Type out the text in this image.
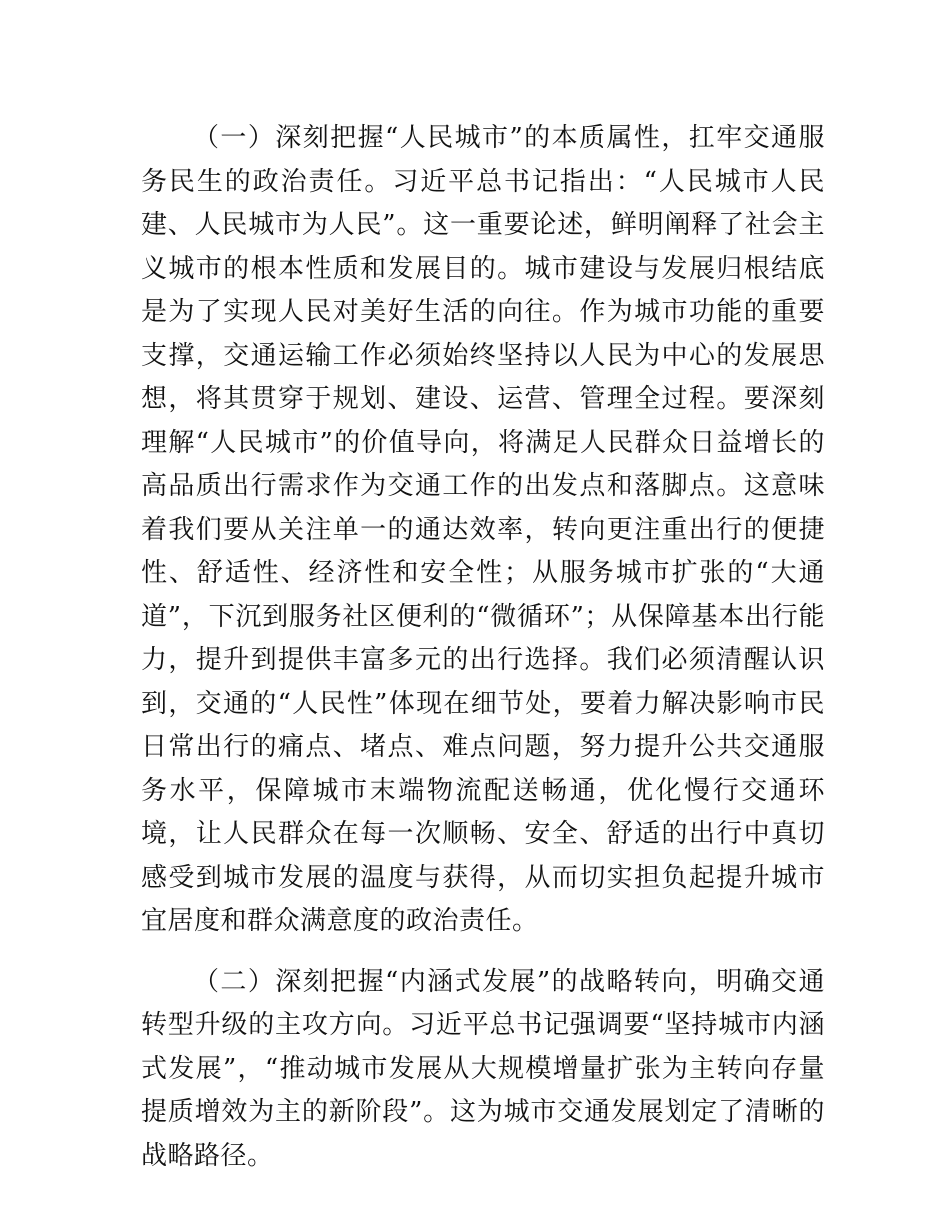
（一）深刻把握“人民城市”的本质属性，扛牢交通服务民生的政治责任。习近平总书记指出：“人民城市人民建、人民城市为人民”。这一重要论述，鲜明阐释了社会主义城市的根本性质和发展目的。城市建设与发展归根结底是为了实现人民对美好生活的向往。作为城市功能的重要支撑，交通运输工作必须始终坚持以人民为中心的发展思想，将其贯穿于规划、建设、运营、管理全过程。要深刻理解“人民城市”的价值导向，将满足人民群众日益增长的高品质出行需求作为交通工作的出发点和落脚点。这意味着我们要从关注单一的通达效率，转向更注重出行的便捷性、舒适性、经济性和安全性；从服务城市扩张的“大通道”，下沉到服务社区便利的“微循环”；从保障基本出行能力，提升到提供丰富多元的出行选择。我们必须清醒认识到，交通的“人民性”体现在细节处，要着力解决影响市民日常出行的痛点、堵点、难点问题，努力提升公共交通服务水平，保障城市末端物流配送畅通，优化慢行交通环境，让人民群众在每一次顺畅、安全、舒适的出行中真切感受到城市发展的温度与获得，从而切实担负起提升城市宜居度和群众满意度的政治责任。

（二）深刻把握“内涵式发展”的战略转向，明确交通转型升级的主攻方向。习近平总书记强调要“坚持城市内涵式发展”，“推动城市发展从大规模增量扩张为主转向存量提质增效为主的新阶段”。这为城市交通发展划定了清晰的战略路径。
